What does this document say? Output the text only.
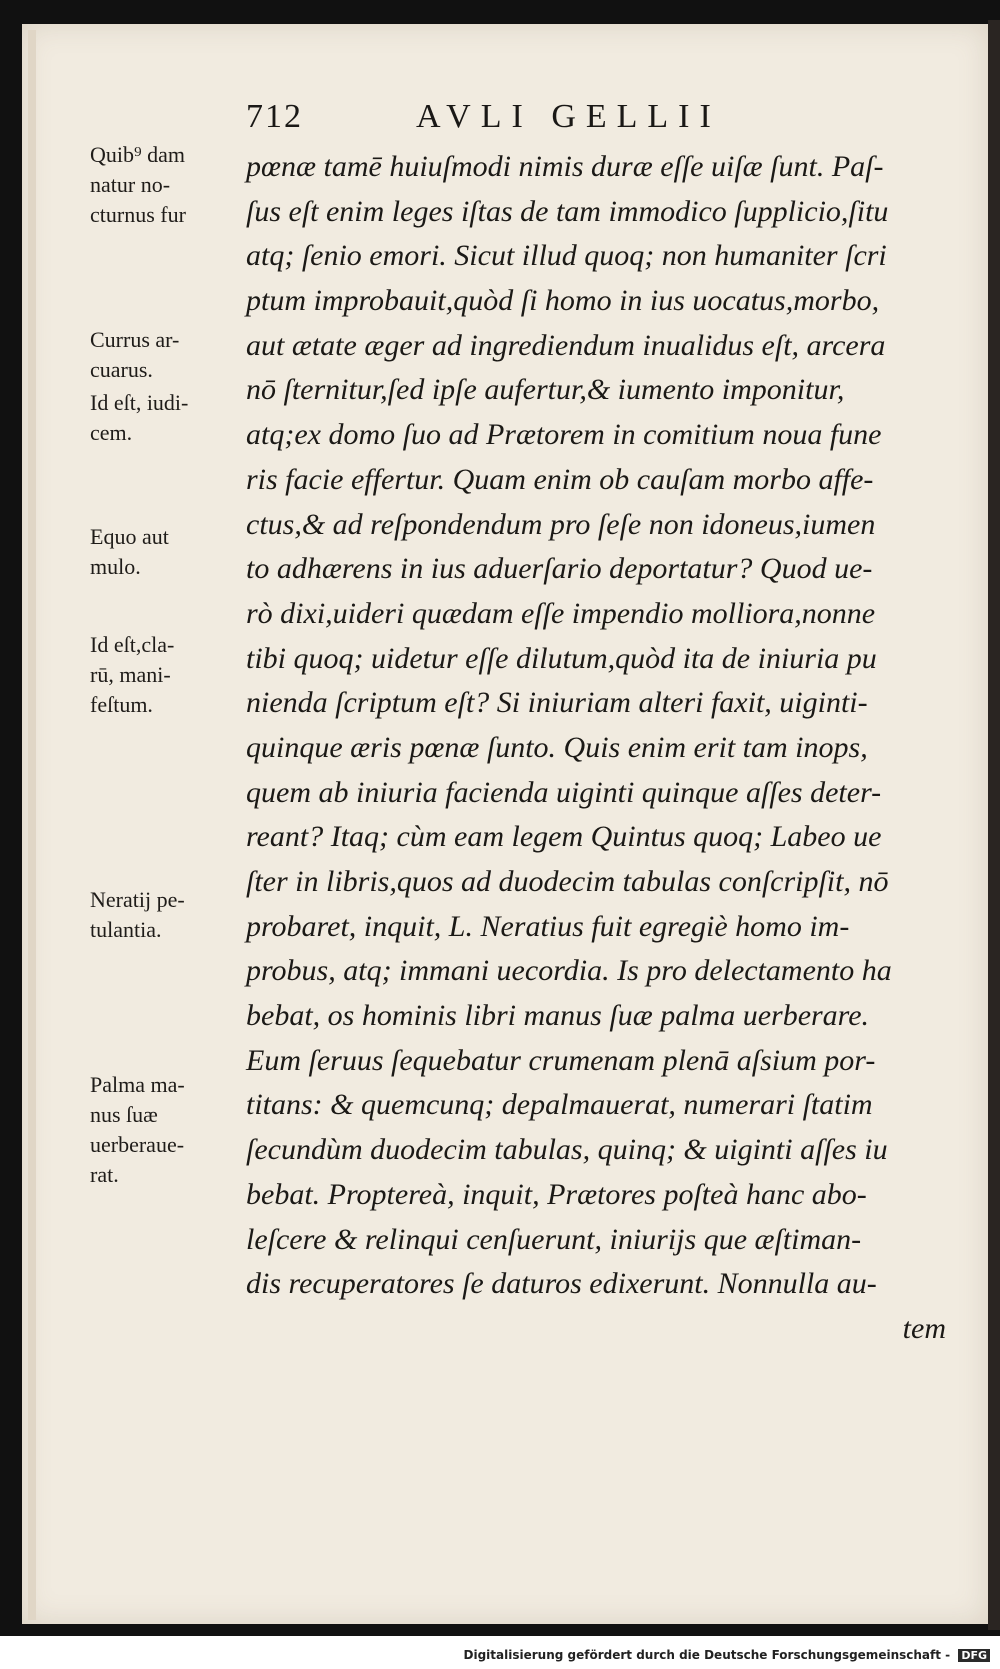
712	AVLI GELLII
Quib⁹ dam
natur no-
cturnus fur
Currus ar-
cuarus.
Id eſt, iudi-
cem.
Equo aut
mulo.
Id eſt,cla-
rū, mani-
feſtum.
Neratij pe-
tulantia.
Palma ma-
nus ſuæ
uerberaue-
rat.
pœnæ tamē huiuſmodi nimis duræ eſſe uiſæ ſunt. Paſ-
ſus eſt enim leges iſtas de tam immodico ſupplicio,ſitu
atq; ſenio emori. Sicut illud quoq; non humaniter ſcri
ptum improbauit,quòd ſi homo in ius uocatus,morbo,
aut ætate æger ad ingrediendum inualidus eſt, arcera
nō ſternitur,ſed ipſe aufertur,& iumento imponitur,
atq;ex domo ſuo ad Prætorem in comitium noua fune
ris facie effertur. Quam enim ob cauſam morbo affe-
ctus,& ad reſpondendum pro ſeſe non idoneus,iumen
to adhærens in ius aduerſario deportatur? Quod ue-
rò dixi,uideri quædam eſſe impendio molliora,nonne
tibi quoq; uidetur eſſe dilutum,quòd ita de iniuria pu
nienda ſcriptum eſt? Si iniuriam alteri faxit, uiginti-
quinque æris pœnæ ſunto. Quis enim erit tam inops,
quem ab iniuria facienda uiginti quinque aſſes deter-
reant? Itaq; cùm eam legem Quintus quoq; Labeo ue
ſter in libris,quos ad duodecim tabulas conſcripſit, nō
probaret, inquit, L. Neratius fuit egregiè homo im-
probus, atq; immani uecordia. Is pro delectamento ha
bebat, os hominis libri manus ſuæ palma uerberare.
Eum ſeruus ſequebatur crumenam plenā aſsium por-
titans: & quemcunq; depalmauerat, numerari ſtatim
ſecundùm duodecim tabulas, quinq; & uiginti aſſes iu
bebat. Proptereà, inquit, Prætores poſteà hanc abo-
leſcere & relinqui cenſuerunt, iniurijs que æſtiman-
dis recuperatores ſe daturos edixerunt. Nonnulla au-
tem
Digitalisierung gefördert durch die Deutsche Forschungsgemeinschaft - DFG
